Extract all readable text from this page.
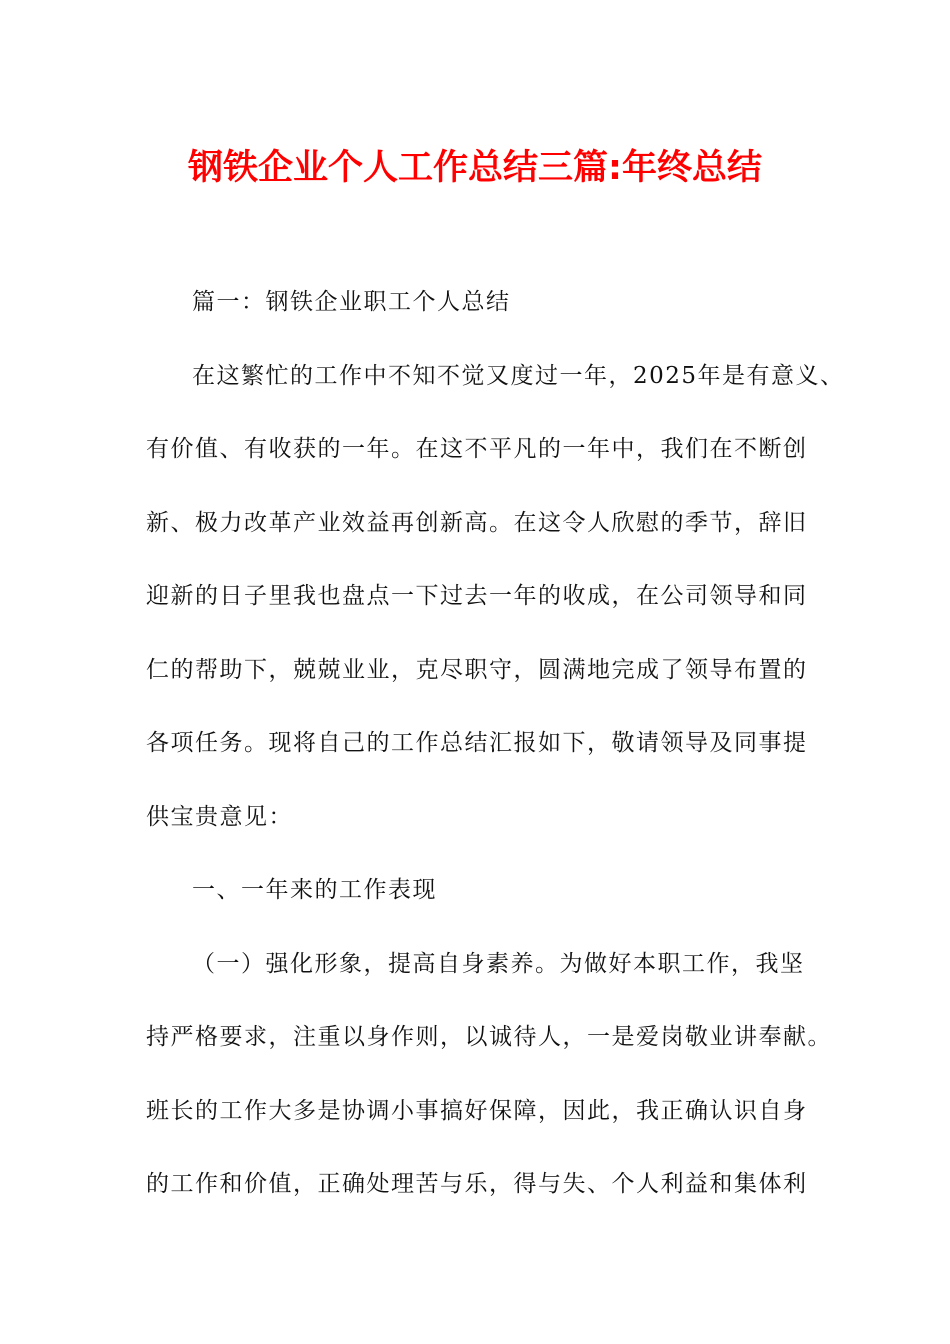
钢铁企业个人工作总结三篇:年终总结
篇一：钢铁企业职工个人总结
在这繁忙的工作中不知不觉又度过一年，2025年是有意义、
有价值、有收获的一年。在这不平凡的一年中，我们在不断创
新、极力改革产业效益再创新高。在这令人欣慰的季节，辞旧
迎新的日子里我也盘点一下过去一年的收成，在公司领导和同
仁的帮助下，兢兢业业，克尽职守，圆满地完成了领导布置的
各项任务。现将自己的工作总结汇报如下，敬请领导及同事提
供宝贵意见：
一、一年来的工作表现
（一）强化形象，提高自身素养。为做好本职工作，我坚
持严格要求，注重以身作则，以诚待人，一是爱岗敬业讲奉献。
班长的工作大多是协调小事搞好保障，因此，我正确认识自身
的工作和价值，正确处理苦与乐，得与失、个人利益和集体利
